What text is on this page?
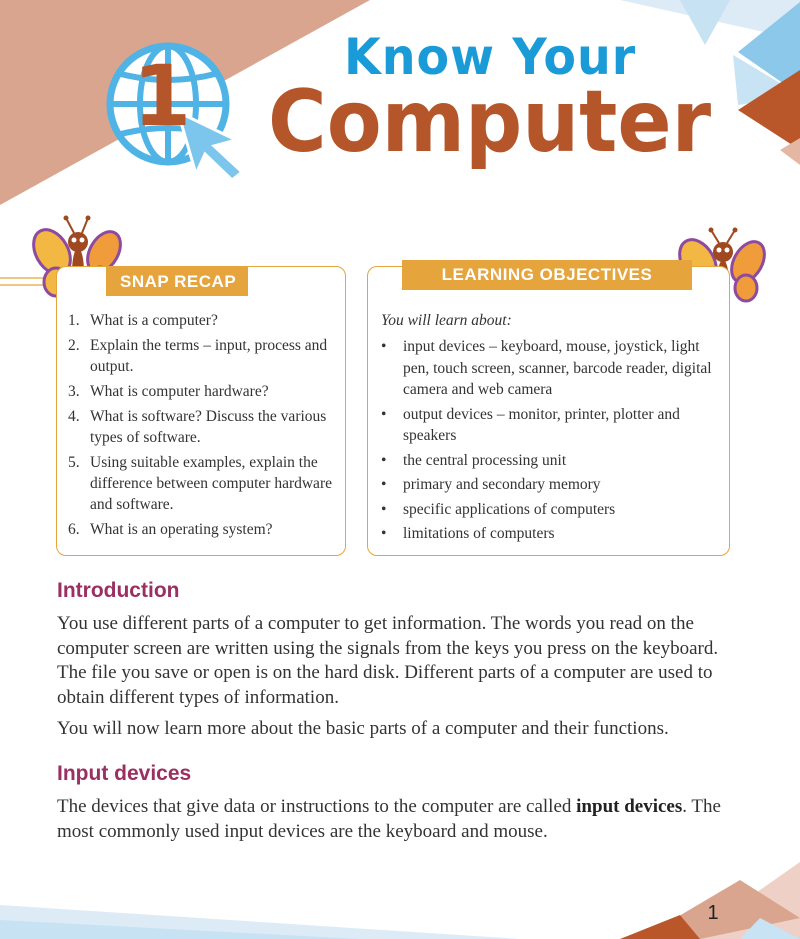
1	Know Your
Computer
SNAP RECAP
1. What is a computer?
2. Explain the terms – input, process and output.
3. What is computer hardware?
4. What is software? Discuss the various types of software.
5. Using suitable examples, explain the difference between computer hardware and software.
6. What is an operating system?
LEARNING OBJECTIVES
You will learn about:
• input devices – keyboard, mouse, joystick, light pen, touch screen, scanner, barcode reader, digital camera and web camera
• output devices – monitor, printer, plotter and speakers
• the central processing unit
• primary and secondary memory
• specific applications of computers
• limitations of computers
Introduction
You use different parts of a computer to get information. The words you read on the computer screen are written using the signals from the keys you press on the keyboard. The file you save or open is on the hard disk. Different parts of a computer are used to obtain different types of information.
You will now learn more about the basic parts of a computer and their functions.
Input devices
The devices that give data or instructions to the computer are called input devices. The most commonly used input devices are the keyboard and mouse.
1
